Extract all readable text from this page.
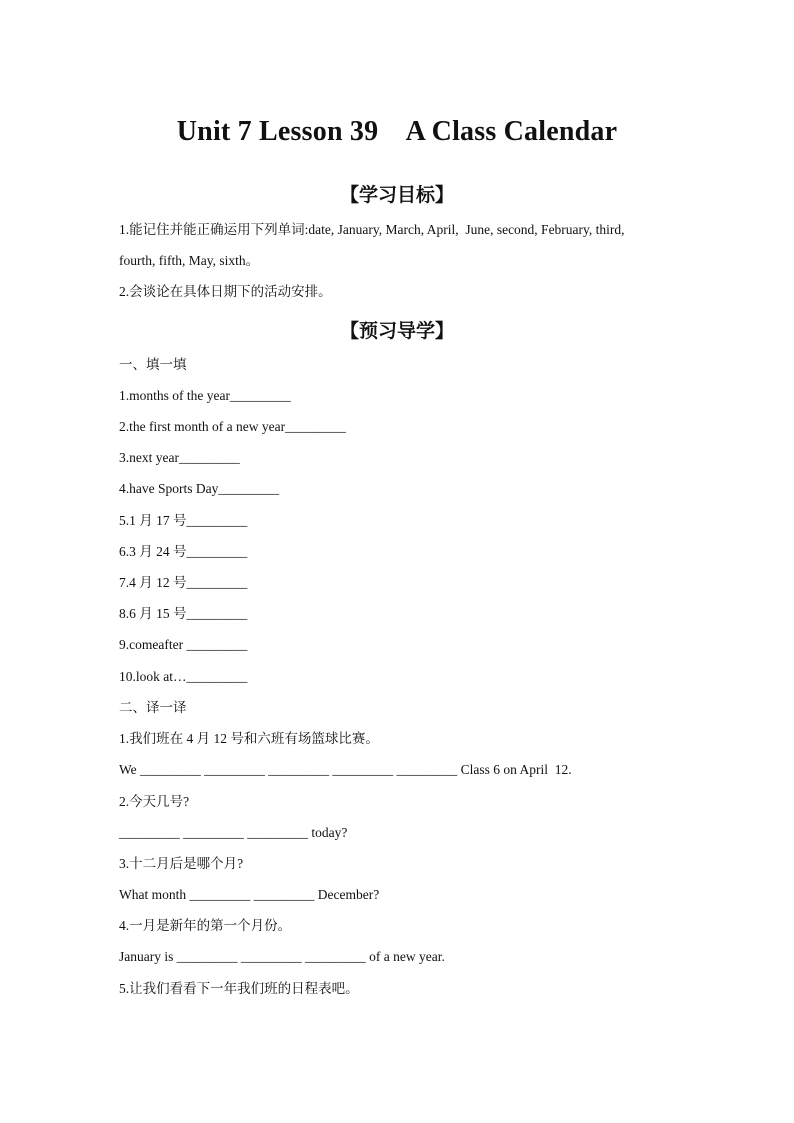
Unit 7 Lesson 39    A Class Calendar
【学习目标】
1.能记住并能正确运用下列单词:date, January, March, April,  June, second, February, third,
fourth, fifth, May, sixth。
2.会谈论在具体日期下的活动安排。
【预习导学】
一、填一填
1.months of the year_________
2.the first month of a new year_________
3.next year_________
4.have Sports Day_________
5.1 月 17 号_________
6.3 月 24 号_________
7.4 月 12 号_________
8.6 月 15 号_________
9.comeafter _________
10.look at…_________
二、译一译
1.我们班在 4 月 12 号和六班有场篮球比赛。
We _________ _________ _________ _________ _________ Class 6 on April  12.
2.今天几号?
_________ _________ _________ today?
3.十二月后是哪个月?
What month _________ _________ December?
4.一月是新年的第一个月份。
January is _________ _________ _________ of a new year.
5.让我们看看下一年我们班的日程表吧。
